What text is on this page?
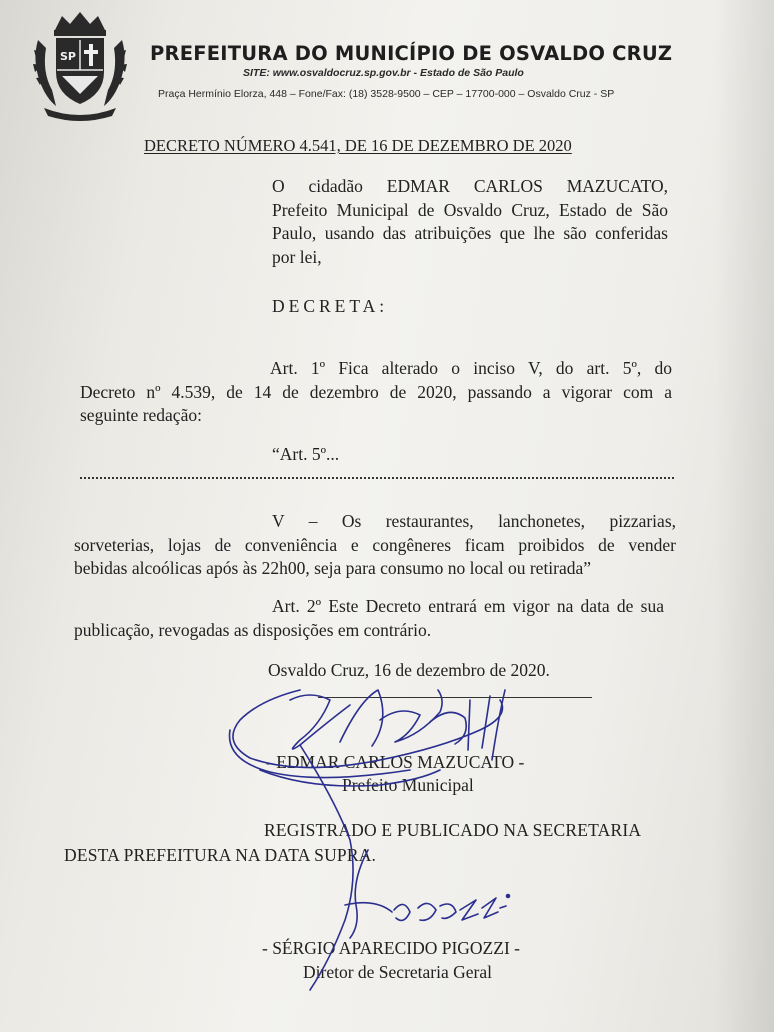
SP	PREFEITURA DO MUNICÍPIO DE OSVALDO CRUZ
SITE: www.osvaldocruz.sp.gov.br - Estado de São Paulo
Praça Hermínio Elorza, 448 – Fone/Fax: (18) 3528-9500 – CEP – 17700-000 – Osvaldo Cruz - SP
DECRETO NÚMERO 4.541, DE 16 DE DEZEMBRO DE 2020
O cidadão EDMAR CARLOS MAZUCATO,
Prefeito Municipal de Osvaldo Cruz, Estado de São
Paulo, usando das atribuições que lhe são conferidas
por lei,
DECRETA:
Art. 1º Fica alterado o inciso V, do art. 5º, do
Decreto nº 4.539, de 14 de dezembro de 2020, passando a vigorar com a
seguinte redação:
“Art. 5º...
V – Os restaurantes, lanchonetes, pizzarias,
sorveterias, lojas de conveniência e congêneres ficam proibidos de vender
bebidas alcoólicas após às 22h00, seja para consumo no local ou retirada”
Art. 2º Este Decreto entrará em vigor na data de sua
publicação, revogadas as disposições em contrário.
Osvaldo Cruz, 16 de dezembro de 2020.
- EDMAR CARLOS MAZUCATO -
Prefeito Municipal
REGISTRADO E PUBLICADO NA SECRETARIA
DESTA PREFEITURA NA DATA SUPRA.
- SÉRGIO APARECIDO PIGOZZI -
Diretor de Secretaria Geral
